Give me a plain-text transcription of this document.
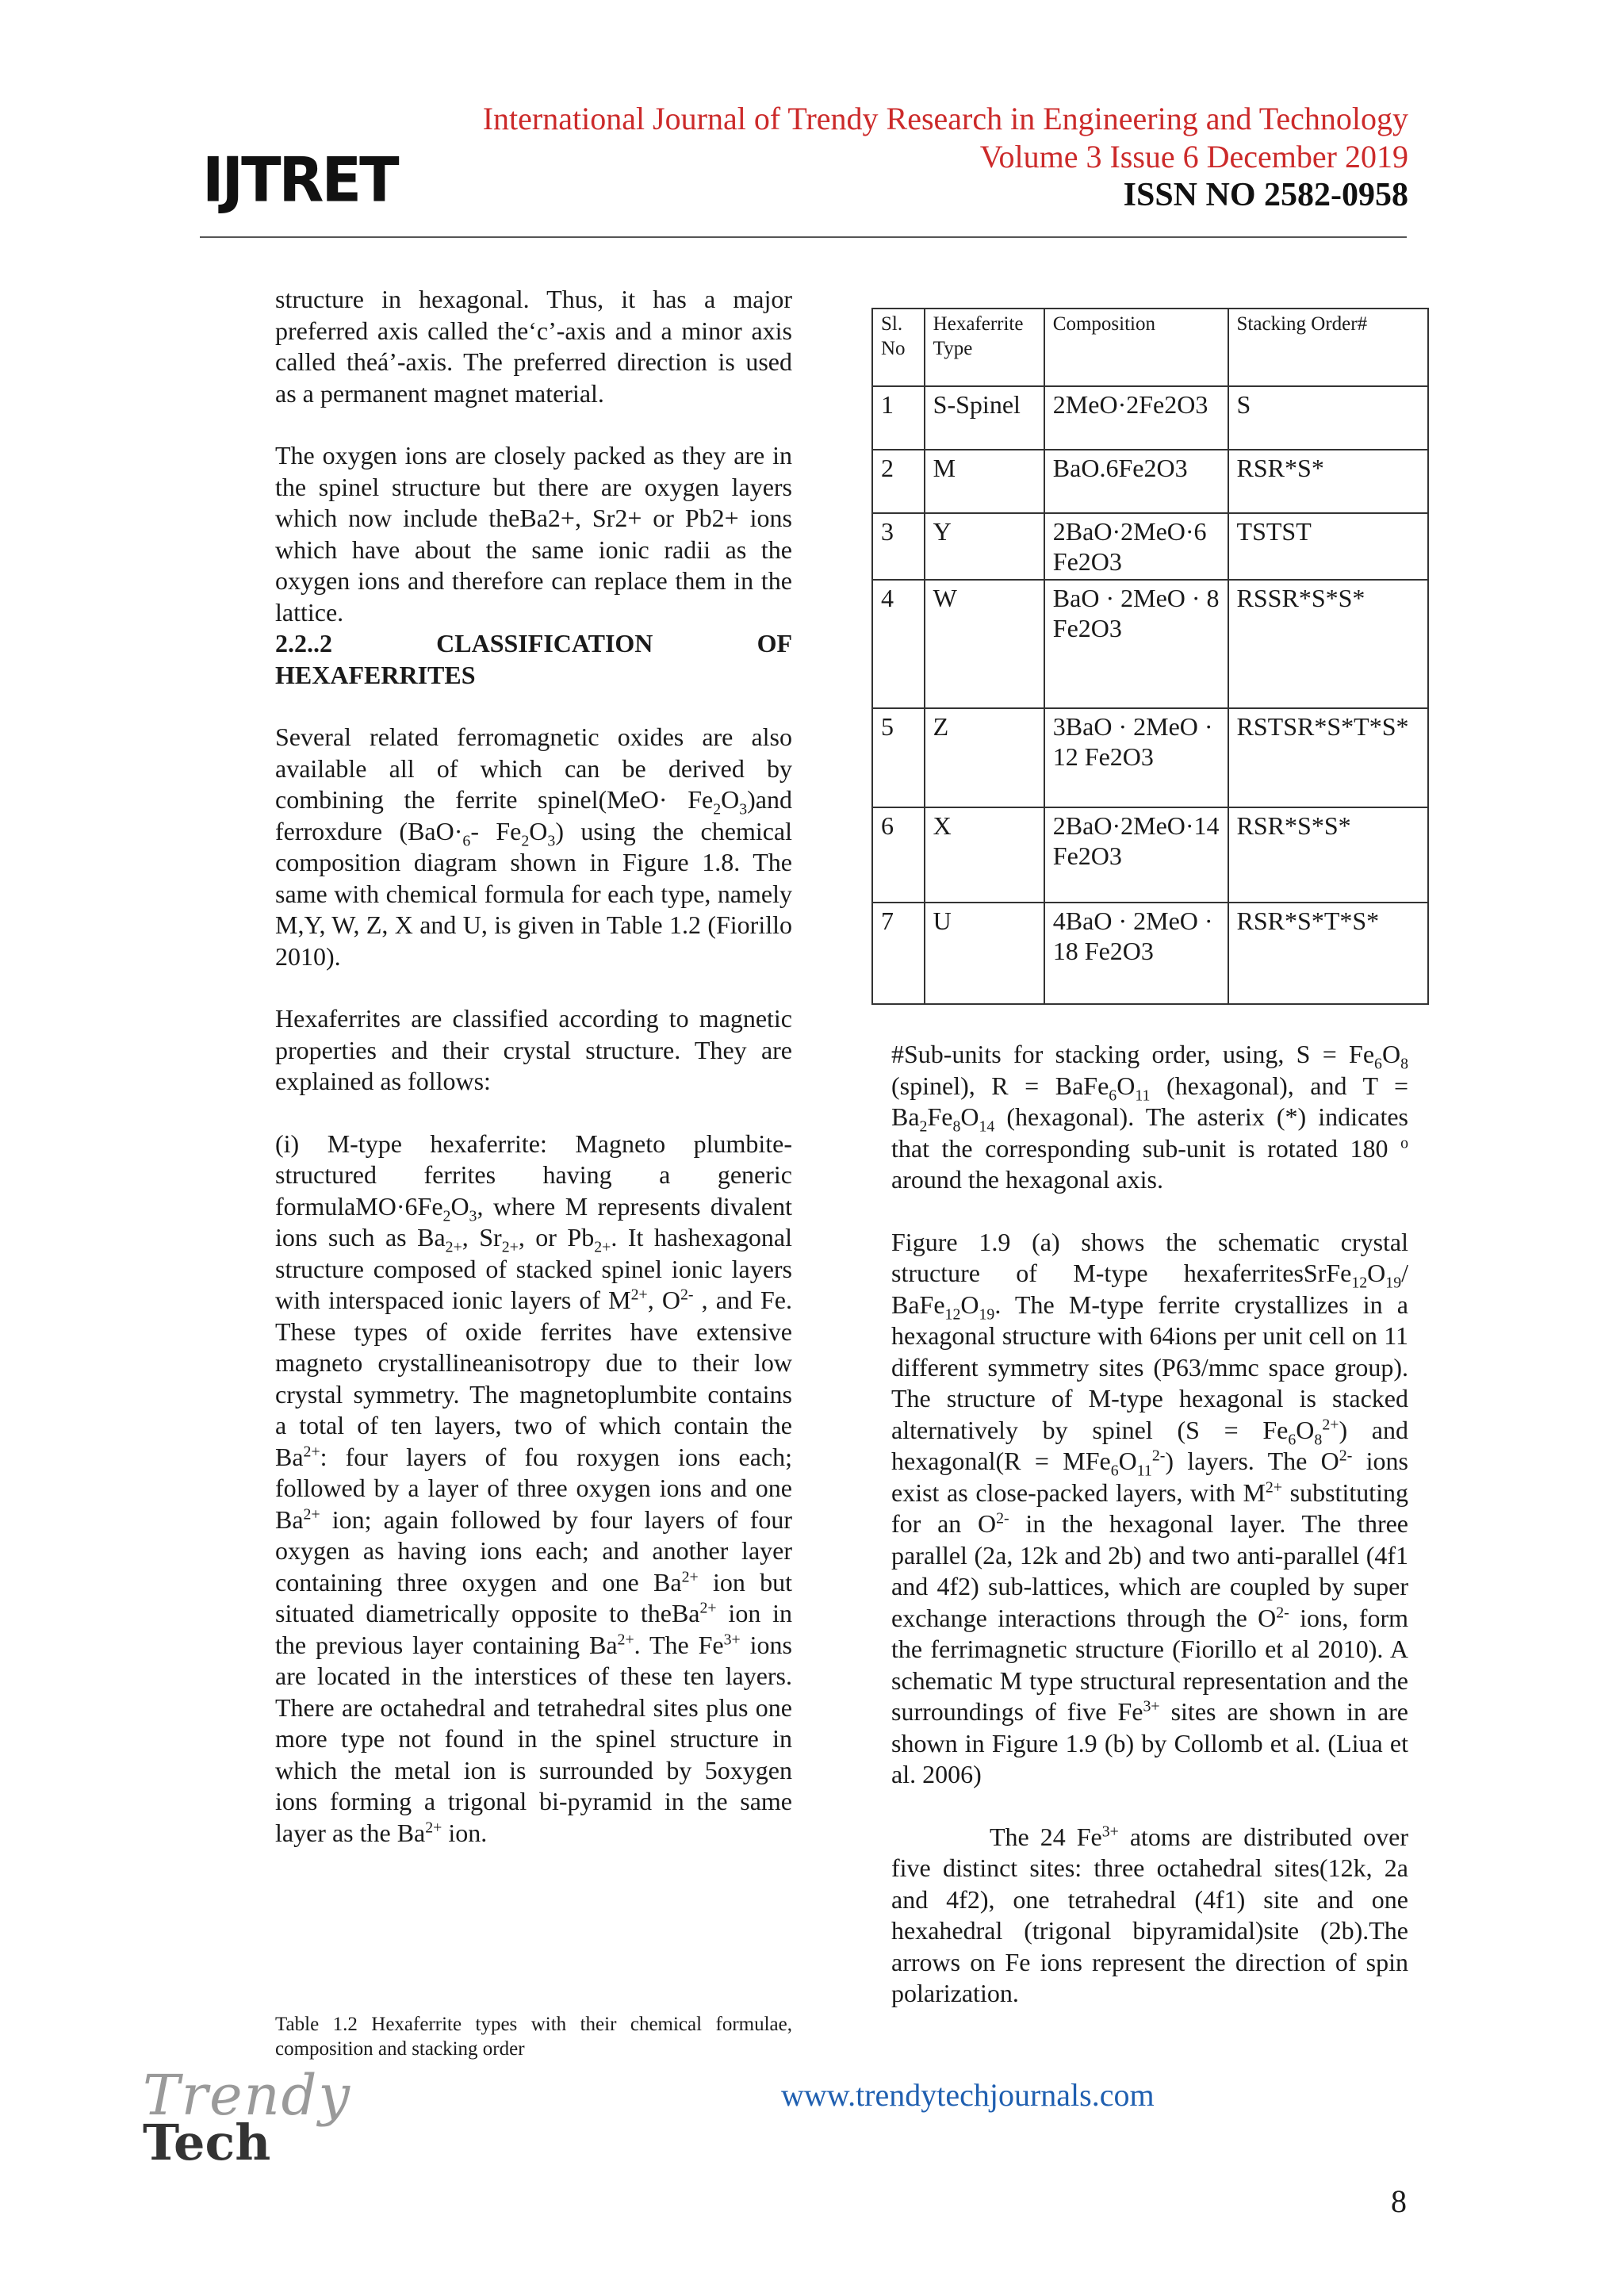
IJTRET
International Journal of Trendy Research in Engineering and Technology
Volume 3 Issue 6 December 2019
ISSN NO 2582-0958

structure in hexagonal. Thus, it has a major preferred axis called the‘c’-axis and a minor axis called theá’-axis. The preferred direction is used as a permanent magnet material.

The oxygen ions are closely packed as they are in the spinel structure but there are oxygen layers which now include theBa2+, Sr2+ or Pb2+ ions which have about the same ionic radii as the oxygen ions and therefore can replace them in the lattice.

2.2..2	CLASSIFICATION	OF

HEXAFERRITES

Several related ferromagnetic oxides are also available all of which can be derived by combining the ferrite spinel(MeO· $Fe_2O_3)and$ ferroxdure ($BaO\cdot_6-$ $Fe_2O_3$) using the chemical composition diagram shown in Figure 1.8. The same with chemical formula for each type, namely M,Y, W, Z, X and U, is given in Table 1.2 (Fiorillo 2010).

Hexaferrites are classified according to magnetic properties and their crystal structure. They are explained as follows:

(i) M-type hexaferrite: Magneto plumbite-structured ferrites having a generic $formulaMO\cdot 6Fe_2O_3$, where M represents divalent ions such as $Ba_{2+}$, $Sr_{2+}$, or $Pb_{2+}$. It hashexagonal structure composed of stacked spinel ionic layers with interspaced ionic layers of $M^{2+}$, $O^{2-}$ , and Fe. These types of oxide ferrites have extensive magneto crystallineanisotropy due to their low crystal symmetry. The magnetoplumbite contains a total of ten layers, two of which contain the $Ba^{2+}$: four layers of fou roxygen ions each; followed by a layer of three oxygen ions and one $Ba^{2+}$ ion; again followed by four layers of four oxygen as having ions each; and another layer containing three oxygen and one $Ba^{2+}$ ion but situated diametrically opposite to theBa$^{2+}$ ion in the previous layer containing $Ba^{2+}$. The $Fe^{3+}$ ions are located in the interstices of these ten layers. There are octahedral and tetrahedral sites plus one more type not found in the spinel structure in which the metal ion is surrounded by 5oxygen ions forming a trigonal bi-pyramid in the same layer as the $Ba^{2+}$ ion.

Table 1.2 Hexaferrite types with their chemical formulae, composition and stacking order
Sl. No	Hexaferrite Type	Composition	Stacking Order#
1	S-Spinel	2MeO·2Fe2O3	S
2	M	BaO.6Fe2O3	RSR*S*
3	Y	2BaO·2MeO·6 Fe2O3	TSTST
4	W	BaO · 2MeO · 8 Fe2O3	RSSR*S*S*
5	Z	3BaO · 2MeO · 12 Fe2O3	RSTSR*S*T*S*
6	X	2BaO·2MeO·14 Fe2O3	RSR*S*S*
7	U	4BaO · 2MeO · 18 Fe2O3	RSR*S*T*S*

#Sub-units for stacking order, using, $S = Fe_6O_8$ (spinel), $R = BaFe_6O_{11}$ (hexagonal), and $T = Ba_2Fe_8O_{14}$ (hexagonal). The asterix (*) indicates that the corresponding sub-unit is rotated 180 $^o$ around the hexagonal axis.

Figure 1.9 (a) shows the schematic crystal structure of M-type $hexaferritesSrFe_{12}O_{19}/$ $BaFe_{12}O_{19}$. The M-type ferrite crystallizes in a hexagonal structure with 64ions per unit cell on 11 different symmetry sites (P63/mmc space group). The structure of M-type hexagonal is stacked alternatively by spinel $(S = Fe_6O_8^{2+})$ and hexagonal(R = $MFe_6O_{11}^{2-}$) layers. The $O^{2-}$ ions exist as close-packed layers, with $M^{2+}$ substituting for an $O^{2-}$ in the hexagonal layer. The three parallel (2a, 12k and 2b) and two anti-parallel (4f1 and 4f2) sub-lattices, which are coupled by super exchange interactions through the $O^{2-}$ ions, form the ferrimagnetic structure (Fiorillo et al 2010). A schematic M type structural representation and the surroundings of five $Fe^{3+}$ sites are shown in are shown in Figure 1.9 (b) by Collomb et al. (Liua et al. 2006)

The 24 $Fe^{3+}$ atoms are distributed over five distinct sites: three octahedral sites(12k, 2a and 4f2), one tetrahedral (4f1) site and one hexahedral (trigonal bipyramidal)site (2b).The arrows on Fe ions represent the direction of spin polarization.

Trendy
Tech
www.trendytechjournals.com
8
